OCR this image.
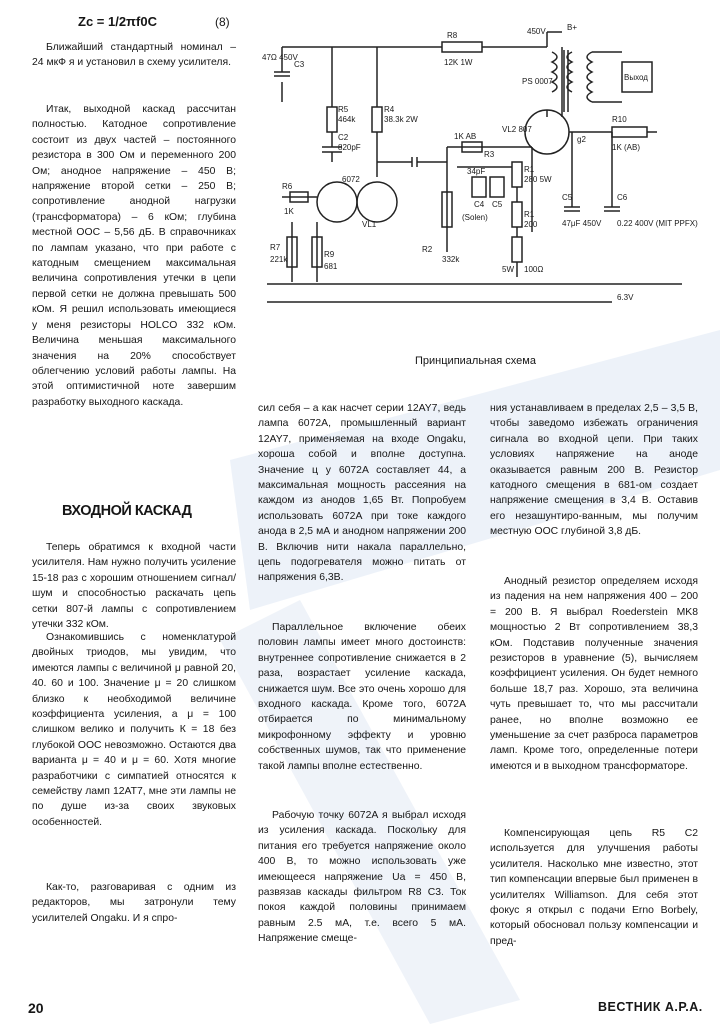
Zc = 1/2πf0C	(8)

Ближайший стандартный номинал – 24 мкФ я и установил в схему усилителя.

Итак, выходной каскад рассчитан полностью. Катодное сопротивление состоит из двух частей – постоянного резистора в 300 Ом и переменного 200 Ом; анодное напряжение – 450 В; напряжение второй сетки – 250 В; сопротивление анодной нагрузки (трансформатора) – 6 кОм; глубина местной ООС – 5,56 дБ. В справочниках по лампам указано, что при работе с катодным смещением максимальная величина сопротивления утечки в цепи первой сетки не должна превышать 500 кОм. Я решил использовать имеющиеся у меня резисторы HOLCO 332 кОм. Величина меньшая максимального значения на 20% способствует облегчению условий работы лампы. На этой оптимистичной ноте завершим разработку выходного каскада.

ВХОДНОЙ КАСКАД

Теперь обратимся к входной части усилителя. Нам нужно получить усиление 15-18 раз с хорошим отношением сигнал/шум и способностью раскачать цепь сетки 807-й лампы с сопротивлением утечки 332 кОм.

Ознакомившись с номенклатурой двойных триодов, мы увидим, что имеются лампы с величиной μ равной 20, 40. 60 и 100. Значение μ = 20 слишком близко к необходимой величине коэффициента усиления, а μ = 100 слишком велико и получить К = 18 без глубокой ООС невозможно. Остаются два варианта μ = 40 и μ = 60. Хотя многие разработчики с симпатией относятся к семейству ламп 12AT7, мне эти лампы не по душе из-за своих звуковых особенностей.

Как-то, разговаривая с одним из редакторов, мы затронули тему усилителей Ongaku. И я спро-

47Ω 450V
C3
R8
12K 1W
450V	B+
PS 0007	Выход
R5
464k
C2
820pF
R4
38.3k 2W
VL2 807
g2
R10
1K (AB)
1K AB
R3
R6
1K
6072
VL1
34pF
C4 C5
(Solen)
R1
280 5W
R1
200
5W 100Ω
R2
332k
R7
221k
R9
681
C5
47μF 450V
C6
0.22 400V (MIT PPFX)
6.3V
Принципиальная схема

сил себя – а как насчет серии 12AY7, ведь лампа 6072A, промышленный вариант 12AY7, применяемая на входе Ongaku, хороша собой и вполне доступна. Значение ц у 6072A составляет 44, а максимальная мощность рассеяния на каждом из анодов 1,65 Вт. Попробуем использовать 6072A при токе каждого анода в 2,5 мА и анодном напряжении 200 В. Включив нити накала параллельно, цепь подогревателя можно питать от напряжения 6,3В.

Параллельное включение обеих половин лампы имеет много достоинств: внутреннее сопротивление снижается в 2 раза, возрастает усиление каскада, снижается шум. Все это очень хорошо для входного каскада. Кроме того, 6072A отбирается по минимальному микрофонному эффекту и уровню собственных шумов, так что применение такой лампы вполне естественно.

Рабочую точку 6072A я выбрал исходя из усиления каскада. Поскольку для питания его требуется напряжение около 400 В, то можно использовать уже имеющееся напряжение Ua = 450 В, развязав каскады фильтром R8 C3. Ток покоя каждой половины принимаем равным 2.5 мА, т.е. всего 5 мА. Напряжение смеще-

ния устанавливаем в пределах 2,5 – 3,5 В, чтобы заведомо избежать ограничения сигнала во входной цепи. При таких условиях напряжение на аноде оказывается равным 200 В. Резистор катодного смещения в 681-ом создает напряжение смещения в 3,4 В. Оставив его незашунтиро-ванным, мы получим местную ООС глубиной 3,8 дБ.

Анодный резистор определяем исходя из падения на нем напряжения 400 – 200 = 200 В. Я выбрал Roederstein MK8 мощностью 2 Вт сопротивлением 38,3 кОм. Подставив полученные значения резисторов в уравнение (5), вычисляем коэффициент усиления. Он будет немного больше 18,7 раз. Хорошо, эта величина чуть превышает то, что мы рассчитали ранее, но вполне возможно ее уменьшение за счет разброса параметров ламп. Кроме того, определенные потери имеются и в выходном трансформаторе.

Компенсирующая цепь R5 C2 используется для улучшения работы усилителя. Насколько мне известно, этот тип компенсации впервые был применен в усилителях Williamson. Для себя этот фокус я открыл с подачи Erno Borbely, который обосновал пользу компенсации и пред-

20	ВЕСТНИК А.Р.А.
